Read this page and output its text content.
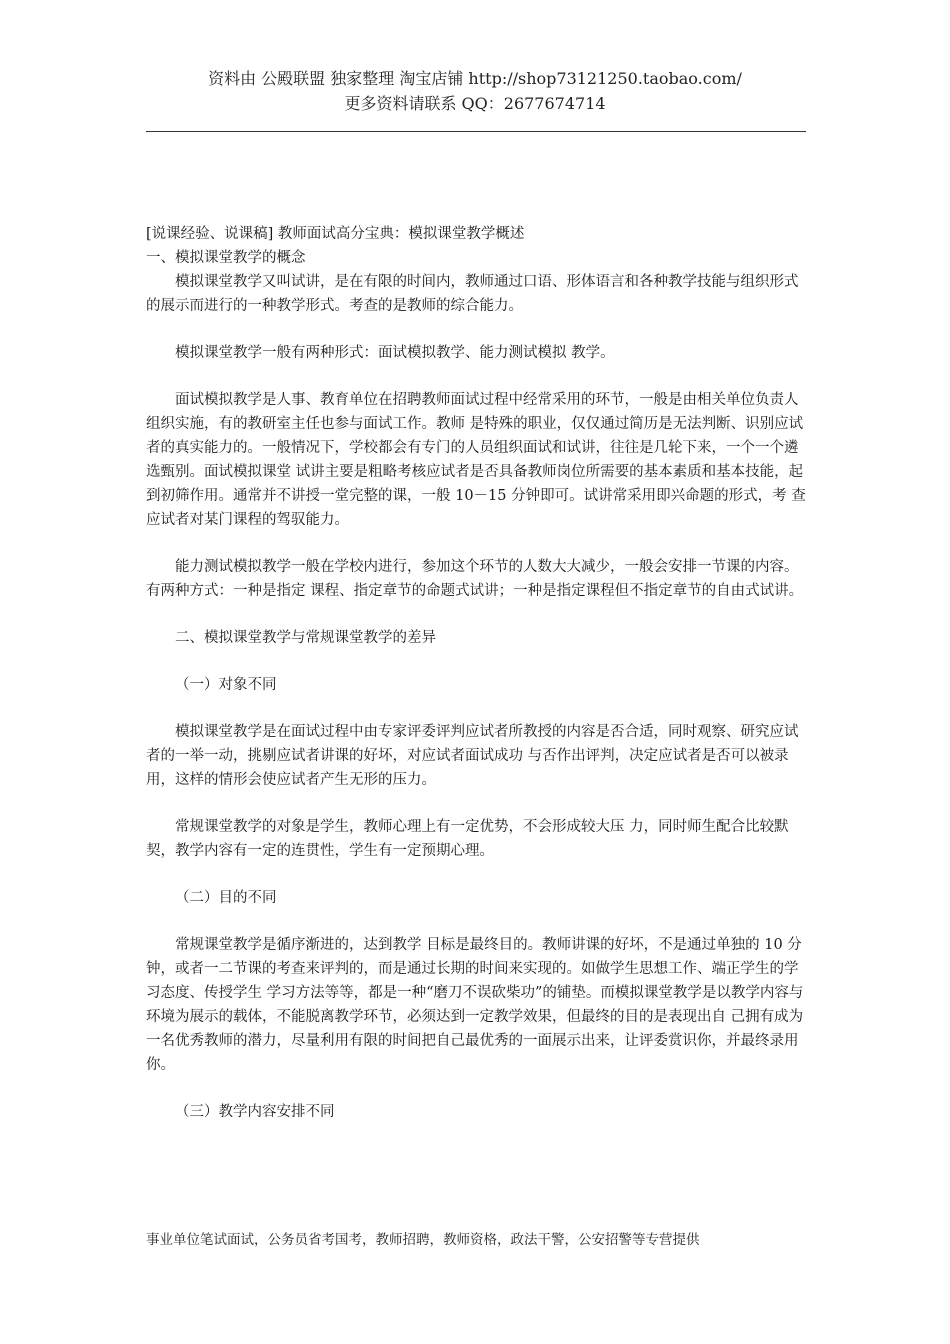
资料由 公殿联盟 独家整理 淘宝店铺 http://shop73121250.taobao.com/
更多资料请联系 QQ：2677674714

[说课经验、说课稿] 教师面试高分宝典：模拟课堂教学概述

一、模拟课堂教学的概念

模拟课堂教学又叫试讲，是在有限的时间内，教师通过口语、形体语言和各种教学技能与组织形式的展示而进行的一种教学形式。考查的是教师的综合能力。

模拟课堂教学一般有两种形式：面试模拟教学、能力测试模拟 教学。

面试模拟教学是人事、教育单位在招聘教师面试过程中经常采用的环节，一般是由相关单位负责人组织实施，有的教研室主任也参与面试工作。教师 是特殊的职业，仅仅通过简历是无法判断、识别应试者的真实能力的。一般情况下，学校都会有专门的人员组织面试和试讲，往往是几轮下来，一个一个遴选甄别。面试模拟课堂 试讲主要是粗略考核应试者是否具备教师岗位所需要的基本素质和基本技能，起到初筛作用。通常并不讲授一堂完整的课，一般 10－15 分钟即可。试讲常采用即兴命题的形式，考 查应试者对某门课程的驾驭能力。

能力测试模拟教学一般在学校内进行，参加这个环节的人数大大减少，一般会安排一节课的内容。有两种方式：一种是指定 课程、指定章节的命题式试讲；一种是指定课程但不指定章节的自由式试讲。

二、模拟课堂教学与常规课堂教学的差异

（一）对象不同

模拟课堂教学是在面试过程中由专家评委评判应试者所教授的内容是否合适，同时观察、研究应试者的一举一动，挑剔应试者讲课的好坏，对应试者面试成功 与否作出评判，决定应试者是否可以被录用，这样的情形会使应试者产生无形的压力。

常规课堂教学的对象是学生，教师心理上有一定优势，不会形成较大压 力，同时师生配合比较默契，教学内容有一定的连贯性，学生有一定预期心理。

（二）目的不同

常规课堂教学是循序渐进的，达到教学 目标是最终目的。教师讲课的好坏，不是通过单独的 10 分钟，或者一二节课的考查来评判的，而是通过长期的时间来实现的。如做学生思想工作、端正学生的学习态度、传授学生 学习方法等等，都是一种“磨刀不误砍柴功”的铺垫。而模拟课堂教学是以教学内容与环境为展示的载体，不能脱离教学环节，必须达到一定教学效果，但最终的目的是表现出自 己拥有成为一名优秀教师的潜力，尽量利用有限的时间把自己最优秀的一面展示出来，让评委赏识你，并最终录用你。

（三）教学内容安排不同

事业单位笔试面试，公务员省考国考，教师招聘，教师资格，政法干警，公安招警等专营提供
